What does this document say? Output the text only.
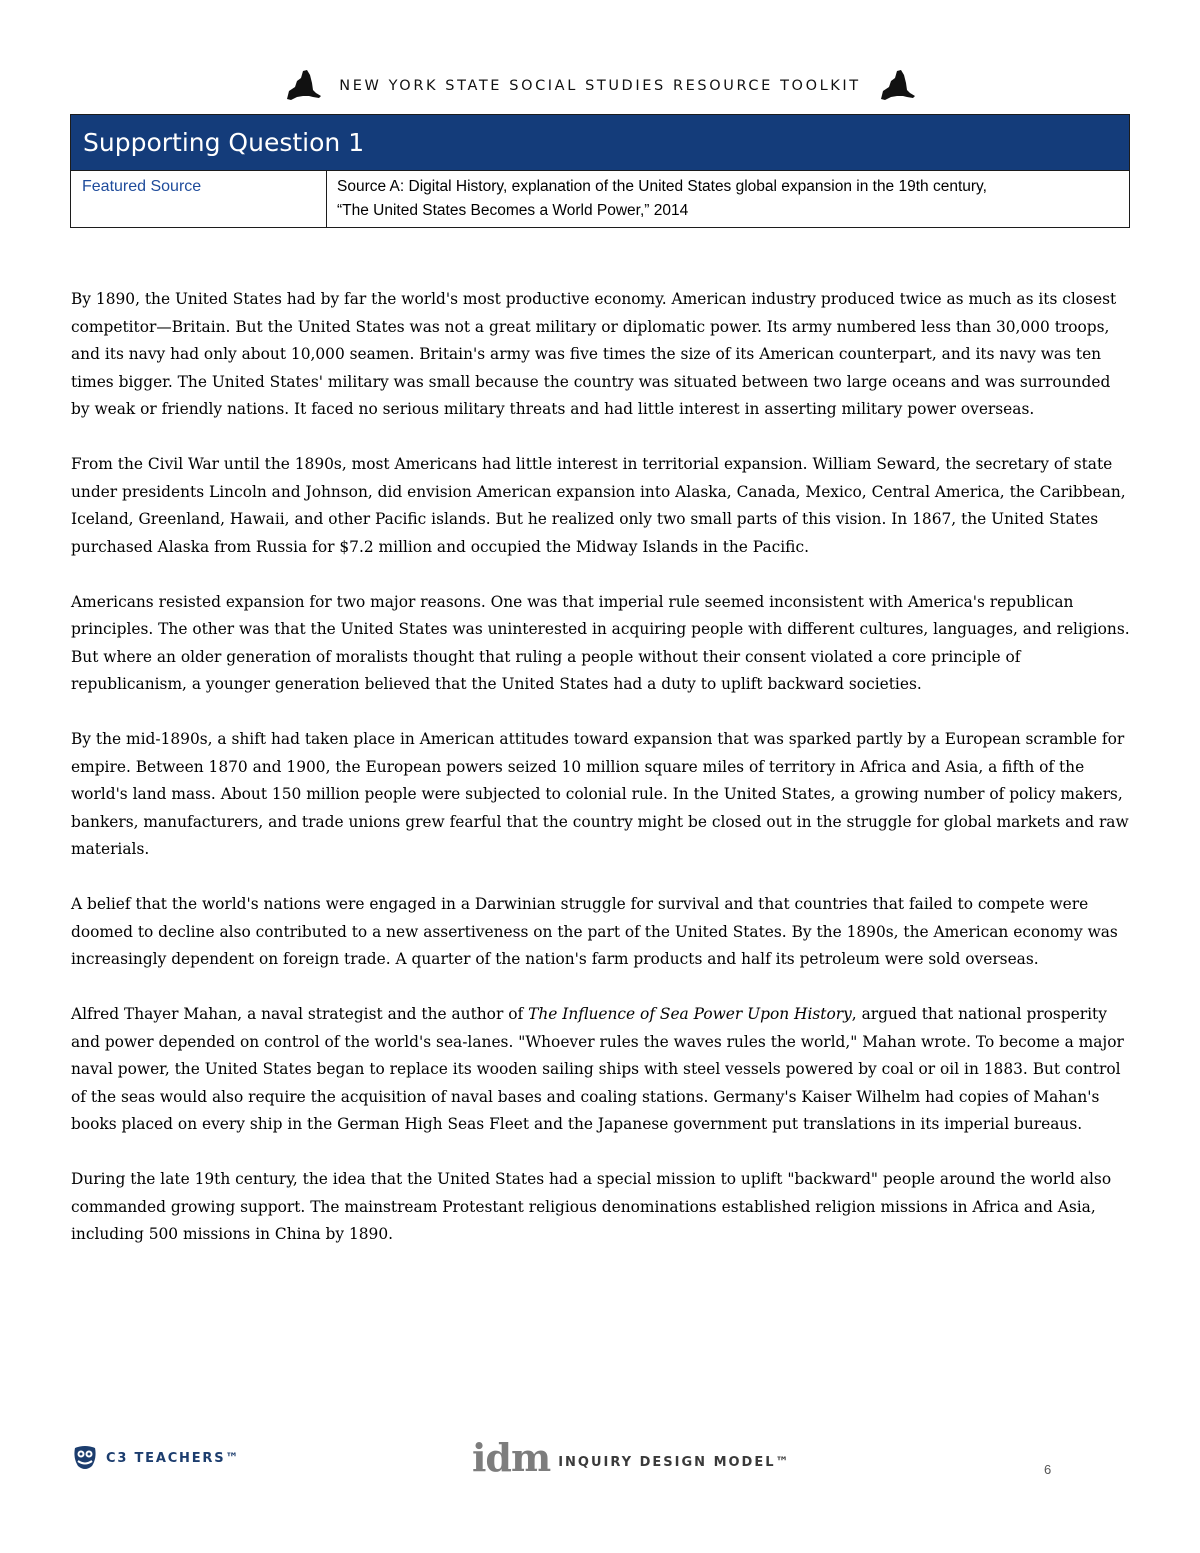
NEW YORK STATE SOCIAL STUDIES RESOURCE TOOLKIT
Supporting Question 1
Featured Source	Source A: Digital History, explanation of the United States global expansion in the 19th century,
“The United States Becomes a World Power,” 2014

By 1890, the United States had by far the world's most productive economy. American industry produced twice as much as its closest competitor—Britain. But the United States was not a great military or diplomatic power. Its army numbered less than 30,000 troops, and its navy had only about 10,000 seamen. Britain's army was five times the size of its American counterpart, and its navy was ten times bigger. The United States' military was small because the country was situated between two large oceans and was surrounded by weak or friendly nations. It faced no serious military threats and had little interest in asserting military power overseas.

From the Civil War until the 1890s, most Americans had little interest in territorial expansion. William Seward, the secretary of state under presidents Lincoln and Johnson, did envision American expansion into Alaska, Canada, Mexico, Central America, the Caribbean, Iceland, Greenland, Hawaii, and other Pacific islands. But he realized only two small parts of this vision. In 1867, the United States purchased Alaska from Russia for $7.2 million and occupied the Midway Islands in the Pacific.

Americans resisted expansion for two major reasons. One was that imperial rule seemed inconsistent with America's republican principles. The other was that the United States was uninterested in acquiring people with different cultures, languages, and religions. But where an older generation of moralists thought that ruling a people without their consent violated a core principle of republicanism, a younger generation believed that the United States had a duty to uplift backward societies.

By the mid-1890s, a shift had taken place in American attitudes toward expansion that was sparked partly by a European scramble for empire. Between 1870 and 1900, the European powers seized 10 million square miles of territory in Africa and Asia, a fifth of the world's land mass. About 150 million people were subjected to colonial rule. In the United States, a growing number of policy makers, bankers, manufacturers, and trade unions grew fearful that the country might be closed out in the struggle for global markets and raw materials.

A belief that the world's nations were engaged in a Darwinian struggle for survival and that countries that failed to compete were doomed to decline also contributed to a new assertiveness on the part of the United States. By the 1890s, the American economy was increasingly dependent on foreign trade. A quarter of the nation's farm products and half its petroleum were sold overseas.

Alfred Thayer Mahan, a naval strategist and the author of The Influence of Sea Power Upon History, argued that national prosperity and power depended on control of the world's sea-lanes. "Whoever rules the waves rules the world," Mahan wrote. To become a major naval power, the United States began to replace its wooden sailing ships with steel vessels powered by coal or oil in 1883. But control of the seas would also require the acquisition of naval bases and coaling stations. Germany's Kaiser Wilhelm had copies of Mahan's books placed on every ship in the German High Seas Fleet and the Japanese government put translations in its imperial bureaus.

During the late 19th century, the idea that the United States had a special mission to uplift "backward" people around the world also commanded growing support. The mainstream Protestant religious denominations established religion missions in Africa and Asia, including 500 missions in China by 1890.

C3 TEACHERS™	idm INQUIRY DESIGN MODEL™	6
